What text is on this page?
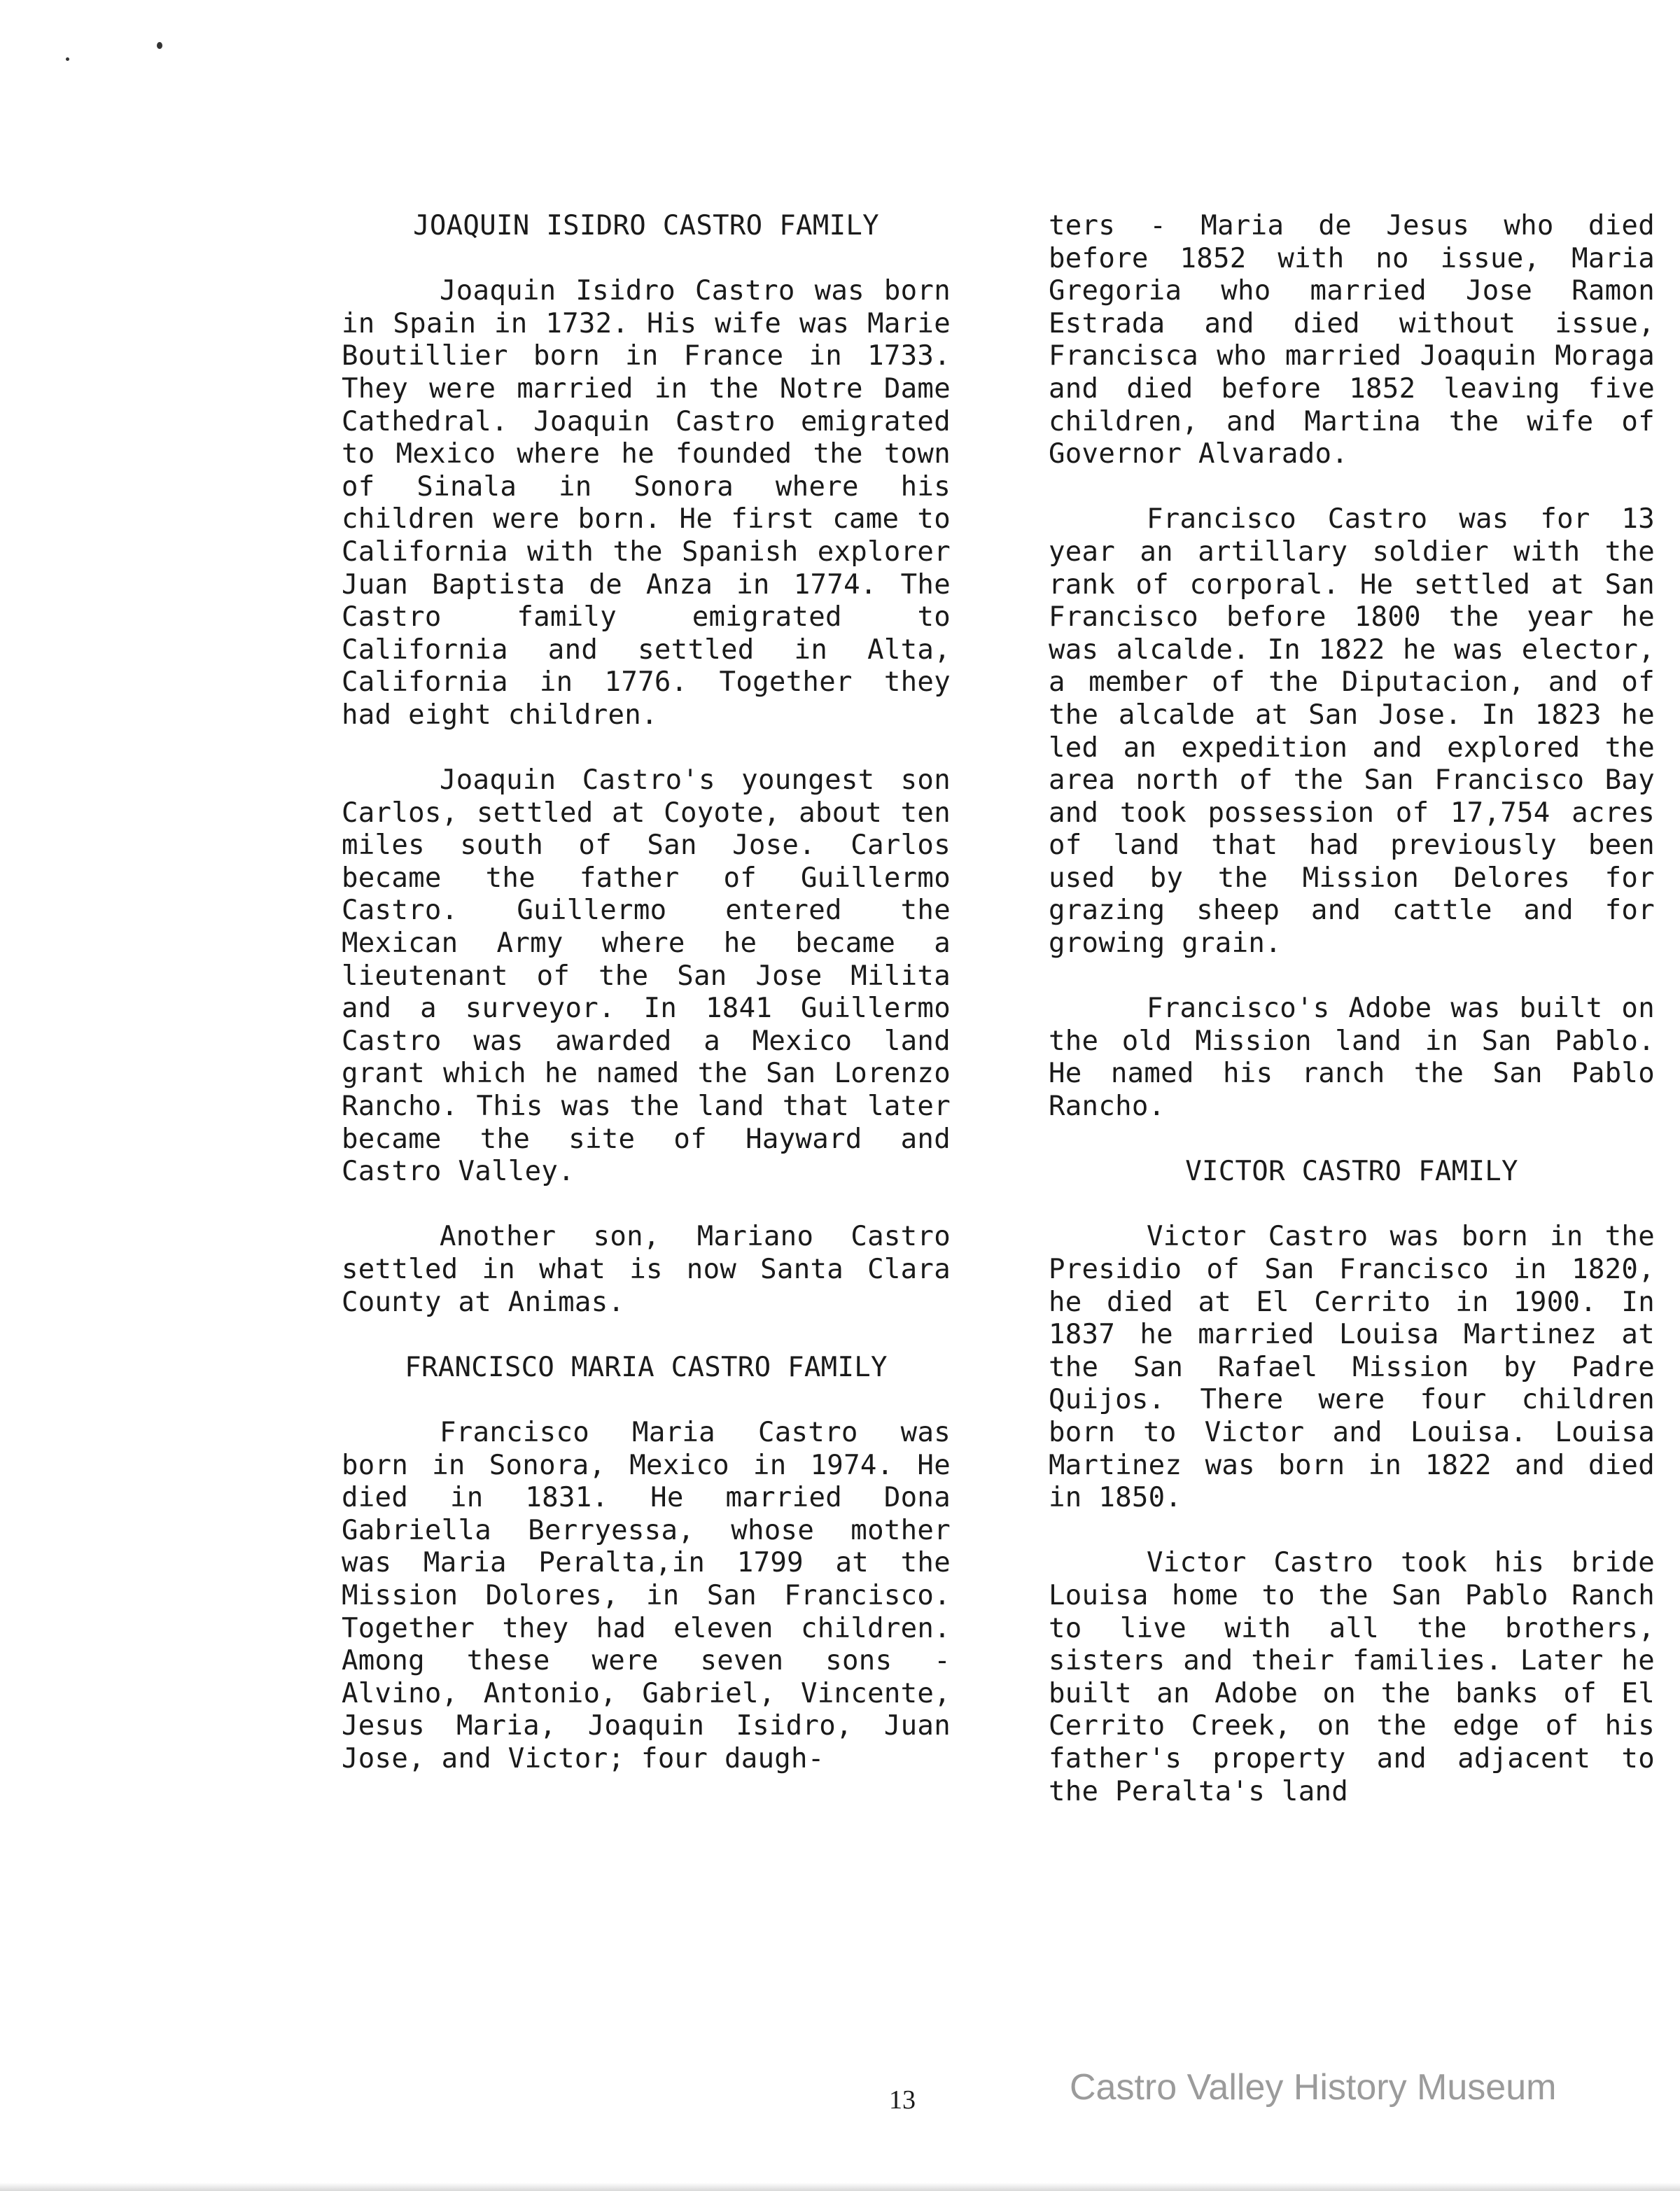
JOAQUIN ISIDRO CASTRO FAMILY

Joaquin Isidro Castro was born in Spain in 1732. His wife was Marie Boutillier born in France in 1733. They were married in the Notre Dame Cathedral. Joaquin Castro emigrated to Mexico where he founded the town of Sinala in Sonora where his children were born. He first came to California with the Spanish explorer Juan Baptista de Anza in 1774. The Castro family emigrated to California and settled in Alta, California in 1776. Together they had eight children.

Joaquin Castro's youngest son Carlos, settled at Coyote, about ten miles south of San Jose. Carlos became the father of Guillermo Castro. Guillermo entered the Mexican Army where he became a lieutenant of the San Jose Milita and a surveyor. In 1841 Guillermo Castro was awarded a Mexico land grant which he named the San Lorenzo Rancho. This was the land that later became the site of Hayward and Castro Valley.

Another son, Mariano Castro settled in what is now Santa Clara County at Animas.

FRANCISCO MARIA CASTRO FAMILY

Francisco Maria Castro was born in Sonora, Mexico in 1974. He died in 1831. He married Dona Gabriella Berryessa, whose mother was Maria Peralta,in 1799 at the Mission Dolores, in San Francisco. Together they had eleven children. Among these were seven sons - Alvino, Antonio, Gabriel, Vincente, Jesus Maria, Joaquin Isidro, Juan Jose, and Victor; four daugh-

ters - Maria de Jesus who died before 1852 with no issue, Maria Gregoria who married Jose Ramon Estrada and died without issue, Francisca who married Joaquin Moraga and died before 1852 leaving five children, and Martina the wife of Governor Alvarado.

Francisco Castro was for 13 year an artillary soldier with the rank of corporal. He settled at San Francisco before 1800 the year he was alcalde. In 1822 he was elector, a member of the Diputacion, and of the alcalde at San Jose. In 1823 he led an expedition and explored the area north of the San Francisco Bay and took possession of 17,754 acres of land that had previously been used by the Mission Delores for grazing sheep and cattle and for growing grain.

Francisco's Adobe was built on the old Mission land in San Pablo. He named his ranch the San Pablo Rancho.

VICTOR CASTRO FAMILY

Victor Castro was born in the Presidio of San Francisco in 1820, he died at El Cerrito in 1900. In 1837 he married Louisa Martinez at the San Rafael Mission by Padre Quijos. There were four children born to Victor and Louisa. Louisa Martinez was born in 1822 and died in 1850.

Victor Castro took his bride Louisa home to the San Pablo Ranch to live with all the brothers, sisters and their families. Later he built an Adobe on the banks of El Cerrito Creek, on the edge of his father's property and adjacent to the Peralta's land

13	Castro Valley History Museum
